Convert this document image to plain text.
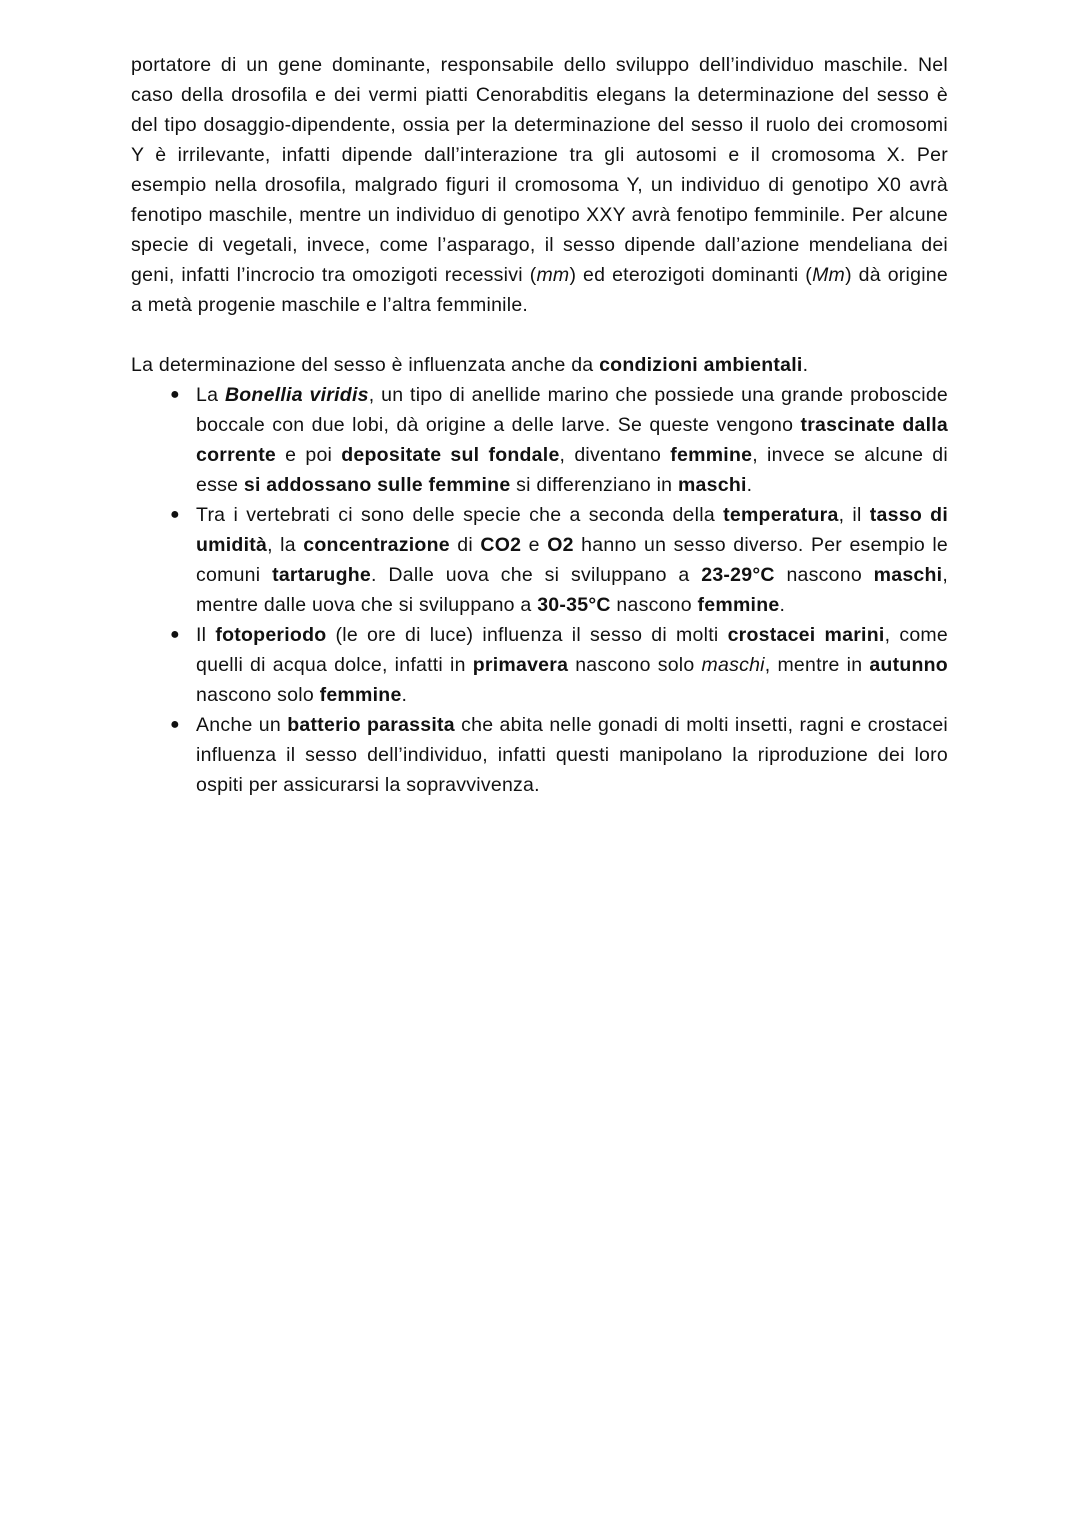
portatore di un gene dominante, responsabile dello sviluppo dell’individuo maschile. Nel caso della drosofila e dei vermi piatti Cenorabditis elegans la determinazione del sesso è del tipo dosaggio-dipendente, ossia per la determinazione del sesso il ruolo dei cromosomi Y è irrilevante, infatti dipende dall’interazione tra gli autosomi e il cromosoma X. Per esempio nella drosofila, malgrado figuri il cromosoma Y, un individuo di genotipo X0 avrà fenotipo maschile, mentre un individuo di genotipo XXY avrà fenotipo femminile. Per alcune specie di vegetali, invece, come l’asparago, il sesso dipende dall’azione mendeliana dei geni, infatti l’incrocio tra omozigoti recessivi (mm) ed eterozigoti dominanti (Mm) dà origine a metà progenie maschile e l’altra femminile.

La determinazione del sesso è influenzata anche da condizioni ambientali.

● La Bonellia viridis, un tipo di anellide marino che possiede una grande proboscide boccale con due lobi, dà origine a delle larve. Se queste vengono trascinate dalla corrente e poi depositate sul fondale, diventano femmine, invece se alcune di esse si addossano sulle femmine si differenziano in maschi.
● Tra i vertebrati ci sono delle specie che a seconda della temperatura, il tasso di umidità, la concentrazione di CO2 e O2 hanno un sesso diverso. Per esempio le comuni tartarughe. Dalle uova che si sviluppano a 23-29°C nascono maschi, mentre dalle uova che si sviluppano a 30-35°C nascono femmine.
● Il fotoperiodo (le ore di luce) influenza il sesso di molti crostacei marini, come quelli di acqua dolce, infatti in primavera nascono solo maschi, mentre in autunno nascono solo femmine.
● Anche un batterio parassita che abita nelle gonadi di molti insetti, ragni e crostacei influenza il sesso dell’individuo, infatti questi manipolano la riproduzione dei loro ospiti per assicurarsi la sopravvivenza.
